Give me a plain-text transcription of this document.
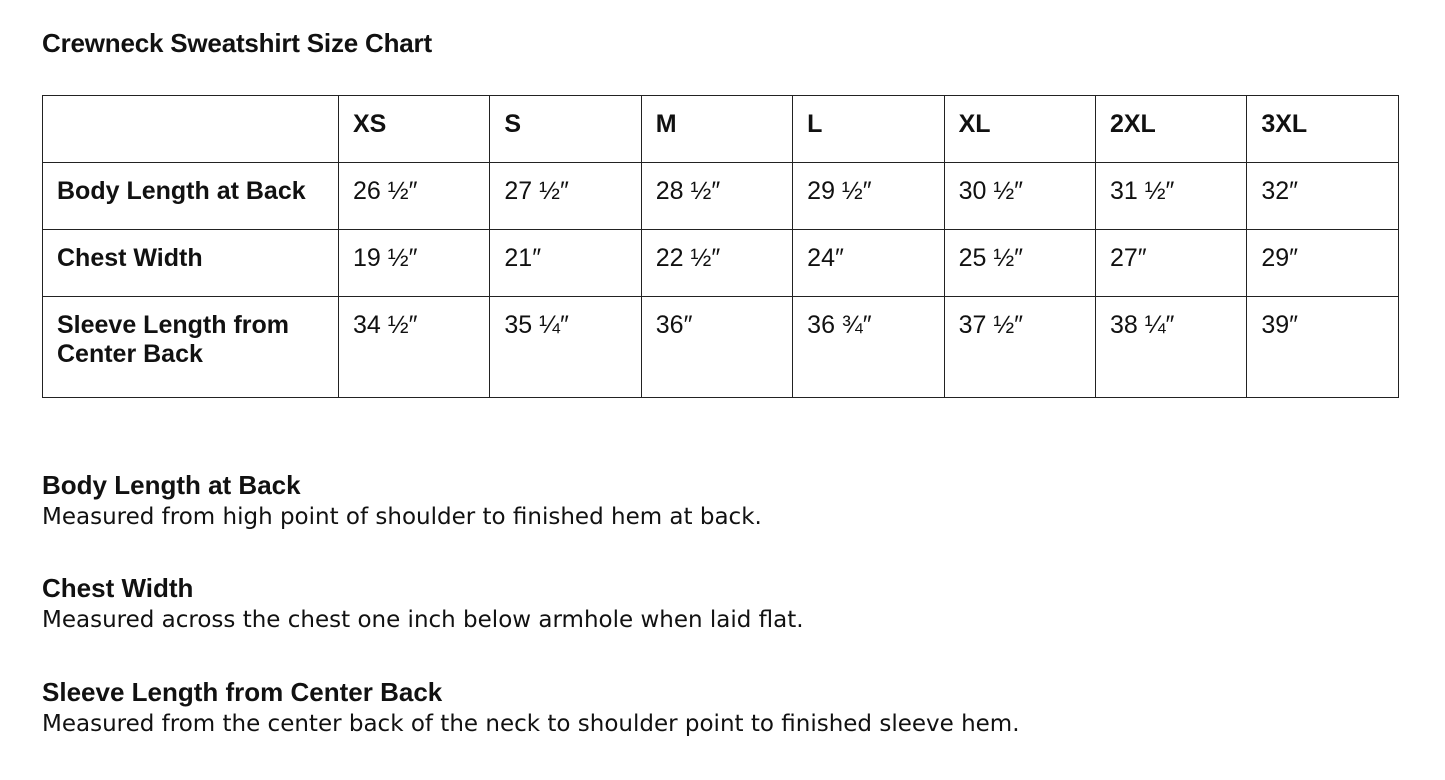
Crewneck Sweatshirt Size Chart
	XS	S	M	L	XL	2XL	3XL
Body Length at Back	26 ½″	27 ½″	28 ½″	29 ½″	30 ½″	31 ½″	32″
Chest Width	19 ½″	21″	22 ½″	24″	25 ½″	27″	29″
Sleeve Length from Center Back	34 ½″	35 ¼″	36″	36 ¾″	37 ½″	38 ¼″	39″
Body Length at Back
Measured from high point of shoulder to finished hem at back.
Chest Width
Measured across the chest one inch below armhole when laid flat.
Sleeve Length from Center Back
Measured from the center back of the neck to shoulder point to finished sleeve hem.
